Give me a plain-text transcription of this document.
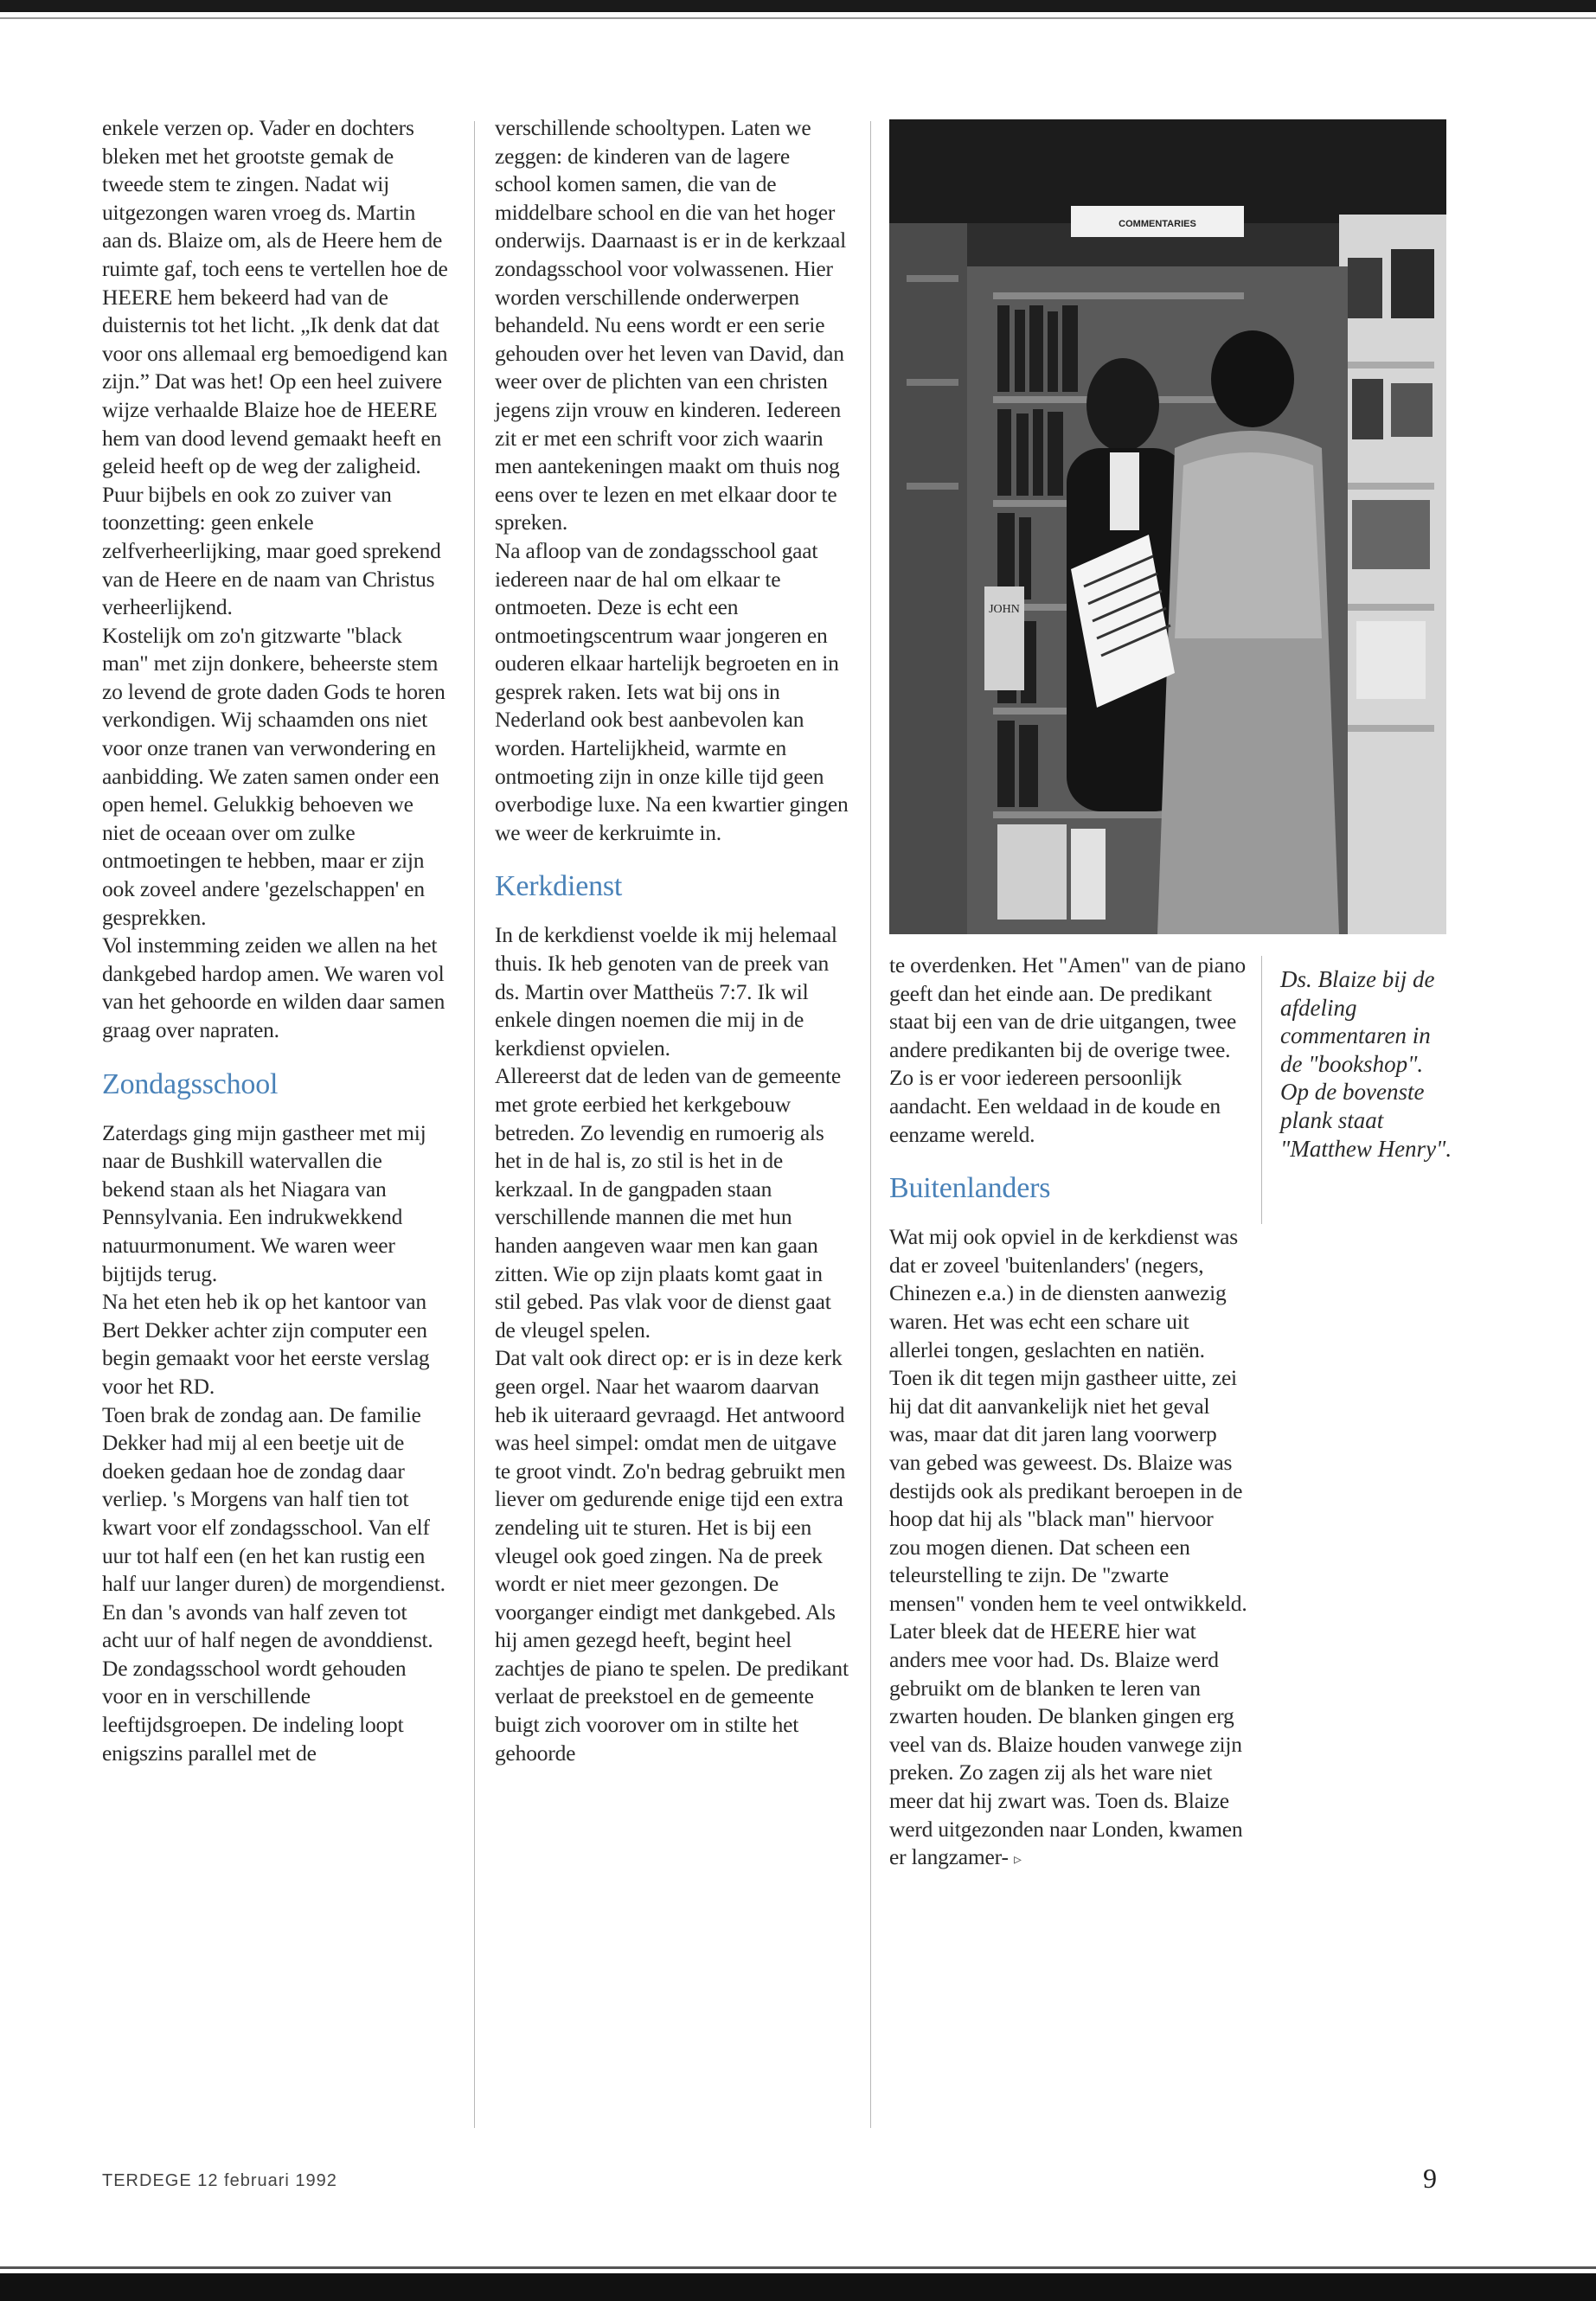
enkele verzen op. Vader en dochters bleken met het grootste gemak de tweede stem te zingen. Nadat wij uitgezongen waren vroeg ds. Martin aan ds. Blaize om, als de Heere hem de ruimte gaf, toch eens te vertellen hoe de HEERE hem bekeerd had van de duisternis tot het licht. „Ik denk dat dat voor ons allemaal erg bemoedigend kan zijn.” Dat was het! Op een heel zuivere wijze verhaalde Blaize hoe de HEERE hem van dood levend gemaakt heeft en geleid heeft op de weg der zaligheid. Puur bijbels en ook zo zuiver van toonzetting: geen enkele zelfverheerlijking, maar goed sprekend van de Heere en de naam van Christus verheerlijkend.

Kostelijk om zo'n gitzwarte "black man" met zijn donkere, beheerste stem zo levend de grote daden Gods te horen verkondigen. Wij schaamden ons niet voor onze tranen van verwondering en aanbidding. We zaten samen onder een open hemel. Gelukkig behoeven we niet de oceaan over om zulke ontmoetingen te hebben, maar er zijn ook zoveel andere 'gezelschappen' en gesprekken.

Vol instemming zeiden we allen na het dankgebed hardop amen. We waren vol van het gehoorde en wilden daar samen graag over napraten.

Zondagsschool

Zaterdags ging mijn gastheer met mij naar de Bushkill watervallen die bekend staan als het Niagara van Pennsylvania. Een indrukwekkend natuurmonument. We waren weer bijtijds terug.

Na het eten heb ik op het kantoor van Bert Dekker achter zijn computer een begin gemaakt voor het eerste verslag voor het RD.

Toen brak de zondag aan. De familie Dekker had mij al een beetje uit de doeken gedaan hoe de zondag daar verliep. 's Morgens van half tien tot kwart voor elf zondagsschool. Van elf uur tot half een (en het kan rustig een half uur langer duren) de morgendienst. En dan 's avonds van half zeven tot acht uur of half negen de avonddienst.

De zondagsschool wordt gehouden voor en in verschillende leeftijdsgroepen. De indeling loopt enigszins parallel met de

verschillende schooltypen. Laten we zeggen: de kinderen van de lagere school komen samen, die van de middelbare school en die van het hoger onderwijs. Daarnaast is er in de kerkzaal zondagsschool voor volwassenen. Hier worden verschillende onderwerpen behandeld. Nu eens wordt er een serie gehouden over het leven van David, dan weer over de plichten van een christen jegens zijn vrouw en kinderen. Iedereen zit er met een schrift voor zich waarin men aantekeningen maakt om thuis nog eens over te lezen en met elkaar door te spreken.

Na afloop van de zondagsschool gaat iedereen naar de hal om elkaar te ontmoeten. Deze is echt een ontmoetingscentrum waar jongeren en ouderen elkaar hartelijk begroeten en in gesprek raken. Iets wat bij ons in Nederland ook best aanbevolen kan worden. Hartelijkheid, warmte en ontmoeting zijn in onze kille tijd geen overbodige luxe. Na een kwartier gingen we weer de kerkruimte in.

Kerkdienst

In de kerkdienst voelde ik mij helemaal thuis. Ik heb genoten van de preek van ds. Martin over Mattheüs 7:7. Ik wil enkele dingen noemen die mij in de kerkdienst opvielen.

Allereerst dat de leden van de gemeente met grote eerbied het kerkgebouw betreden. Zo levendig en rumoerig als het in de hal is, zo stil is het in de kerkzaal. In de gangpaden staan verschillende mannen die met hun handen aangeven waar men kan gaan zitten. Wie op zijn plaats komt gaat in stil gebed. Pas vlak voor de dienst gaat de vleugel spelen.

Dat valt ook direct op: er is in deze kerk geen orgel. Naar het waarom daarvan heb ik uiteraard gevraagd. Het antwoord was heel simpel: omdat men de uitgave te groot vindt. Zo'n bedrag gebruikt men liever om gedurende enige tijd een extra zendeling uit te sturen. Het is bij een vleugel ook goed zingen. Na de preek wordt er niet meer gezongen. De voorganger eindigt met dankgebed. Als hij amen gezegd heeft, begint heel zachtjes de piano te spelen. De predikant verlaat de preekstoel en de gemeente buigt zich voorover om in stilte het gehoorde

COMMENTARIES
JOHN

te overdenken. Het "Amen" van de piano geeft dan het einde aan. De predikant staat bij een van de drie uitgangen, twee andere predikanten bij de overige twee. Zo is er voor iedereen persoonlijk aandacht. Een weldaad in de koude en eenzame wereld.

Buitenlanders

Wat mij ook opviel in de kerkdienst was dat er zoveel 'buitenlanders' (negers, Chinezen e.a.) in de diensten aanwezig waren. Het was echt een schare uit allerlei tongen, geslachten en natiën. Toen ik dit tegen mijn gastheer uitte, zei hij dat dit aanvankelijk niet het geval was, maar dat dit jaren lang voorwerp van gebed was geweest. Ds. Blaize was destijds ook als predikant beroepen in de hoop dat hij als "black man" hiervoor zou mogen dienen. Dat scheen een teleurstelling te zijn. De "zwarte mensen" vonden hem te veel ontwikkeld. Later bleek dat de HEERE hier wat anders mee voor had. Ds. Blaize werd gebruikt om de blanken te leren van zwarten houden. De blanken gingen erg veel van ds. Blaize houden vanwege zijn preken. Zo zagen zij als het ware niet meer dat hij zwart was. Toen ds. Blaize werd uitgezonden naar Londen, kwamen er langzamer- ▹

Ds. Blaize bij de afdeling commentaren in de "bookshop". Op de bovenste plank staat "Matthew Henry".
TERDEGE 12 februari 1992	9
